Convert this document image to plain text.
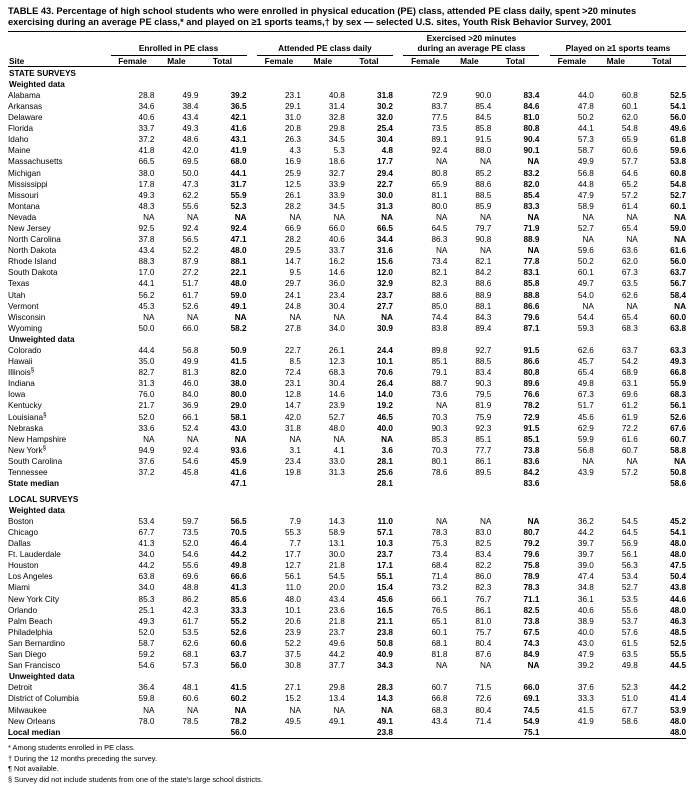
TABLE 43. Percentage of high school students who were enrolled in physical education (PE) class, attended PE class daily, spent >20 minutes
exercising during an average PE class,* and played on ≥1 sports teams,† by sex — selected U.S. sites, Youth Risk Behavior Survey, 2001

	Enrolled in PE class				Attended PE class daily				Exercised >20 minutes
during an average PE class				Played on ≥1 sports teams		

Site	Female	Male	Total		Female	Male	Total		Female	Male	Total		Female	Male	Total

STATE SURVEYS															
Weighted data															
Alabama	28.8	49.9	39.2		23.1	40.8	31.8		72.9	90.0	83.4		44.0	60.8	52.5
Arkansas	34.6	38.4	36.5		29.1	31.4	30.2		83.7	85.4	84.6		47.8	60.1	54.1
Delaware	40.6	43.4	42.1		31.0	32.8	32.0		77.5	84.5	81.0		50.2	62.0	56.0
Florida	33.7	49.3	41.6		20.8	29.8	25.4		73.5	85.8	80.8		44.1	54.8	49.6
Idaho	37.2	48.6	43.1		26.3	34.5	30.4		89.1	91.5	90.4		57.3	65.9	61.8
Maine	41.8	42.0	41.9		4.3	5.3	4.8		92.4	88.0	90.1		58.7	60.6	59.6
Massachusetts	66.5	69.5	68.0		16.9	18.6	17.7		NA	NA	NA		49.9	57.7	53.8
Michigan	38.0	50.0	44.1		25.9	32.7	29.4		80.8	85.2	83.2		56.8	64.6	60.8
Mississippi	17.8	47.3	31.7		12.5	33.9	22.7		65.9	88.6	82.0		44.8	65.2	54.8
Missouri	49.3	62.2	55.9		26.1	33.9	30.0		81.1	88.5	85.4		47.9	57.2	52.7
Montana	48.3	55.6	52.3		28.2	34.5	31.3		80.0	85.9	83.3		58.9	61.4	60.1
Nevada	NA	NA	NA		NA	NA	NA		NA	NA	NA		NA	NA	NA
New Jersey	92.5	92.4	92.4		66.9	66.0	66.5		64.5	79.7	71.9		52.7	65.4	59.0
North Carolina	37.8	56.5	47.1		28.2	40.6	34.4		86.3	90.8	88.9		NA	NA	NA
North Dakota	43.4	52.2	48.0		29.5	33.7	31.6		NA	NA	NA		59.6	63.6	61.6
Rhode Island	88.3	87.9	88.1		14.7	16.2	15.6		73.4	82.1	77.8		50.2	62.0	56.0
South Dakota	17.0	27.2	22.1		9.5	14.6	12.0		82.1	84.2	83.1		60.1	67.3	63.7
Texas	44.1	51.7	48.0		29.7	36.0	32.9		82.3	88.6	85.8		49.7	63.5	56.7
Utah	56.2	61.7	59.0		24.1	23.4	23.7		88.6	88.9	88.8		54.0	62.6	58.4
Vermont	45.3	52.6	49.1		24.8	30.4	27.7		85.0	88.1	86.6		NA	NA	NA
Wisconsin	NA	NA	NA		NA	NA	NA		74.4	84.3	79.6		54.4	65.4	60.0
Wyoming	50.0	66.0	58.2		27.8	34.0	30.9		83.8	89.4	87.1		59.3	68.3	63.8
Unweighted data															
Colorado	44.4	56.8	50.9		22.7	26.1	24.4		89.8	92.7	91.5		62.6	63.7	63.3
Hawaii	35.0	49.9	41.5		8.5	12.3	10.1		85.1	88.5	86.6		45.7	54.2	49.3
Illinois§	82.7	81.3	82.0		72.4	68.3	70.6		79.1	83.4	80.8		65.4	68.9	66.8
Indiana	31.3	46.0	38.0		23.1	30.4	26.4		88.7	90.3	89.6		49.8	63.1	55.9
Iowa	76.0	84.0	80.0		12.8	14.6	14.0		73.6	79.5	76.6		67.3	69.6	68.3
Kentucky	21.7	36.9	29.0		14.7	23.9	19.2		NA	81.9	78.2		51.7	61.2	56.1
Louisiana§	52.0	66.1	58.1		42.0	52.7	46.5		70.3	75.9	72.9		45.6	61.9	52.6
Nebraska	33.6	52.4	43.0		31.8	48.0	40.0		90.3	92.3	91.5		62.9	72.2	67.6
New Hampshire	NA	NA	NA		NA	NA	NA		85.3	85.1	85.1		59.9	61.6	60.7
New York§	94.9	92.4	93.6		3.1	4.1	3.6		70.3	77.7	73.8		56.8	60.7	58.8
South Carolina	37.6	54.6	45.9		23.4	33.0	28.1		80.1	86.1	83.6		NA	NA	NA
Tennessee	37.2	45.8	41.6		19.8	31.3	25.6		78.6	89.5	84.2		43.9	57.2	50.8
State median			47.1				28.1				83.6				58.6

LOCAL SURVEYS															
Weighted data															
Boston	53.4	59.7	56.5		7.9	14.3	11.0		NA	NA	NA		36.2	54.5	45.2
Chicago	67.7	73.5	70.5		55.3	58.9	57.1		78.3	83.0	80.7		44.2	64.5	54.1
Dallas	41.3	52.0	46.4		7.7	13.1	10.3		75.3	82.5	79.2		39.7	56.9	48.0
Ft. Lauderdale	34.0	54.6	44.2		17.7	30.0	23.7		73.4	83.4	79.6		39.7	56.1	48.0
Houston	44.2	55.6	49.8		12.7	21.8	17.1		68.4	82.2	75.8		39.0	56.3	47.5
Los Angeles	63.8	69.6	66.6		56.1	54.5	55.1		71.4	86.0	78.9		47.4	53.4	50.4
Miami	34.0	48.8	41.3		11.0	20.0	15.4		73.2	82.3	78.3		34.8	52.7	43.8
New York City	85.3	86.2	85.6		48.0	43.4	45.6		66.1	76.7	71.1		36.1	53.5	44.6
Orlando	25.1	42.3	33.3		10.1	23.6	16.5		76.5	86.1	82.5		40.6	55.6	48.0
Palm Beach	49.3	61.7	55.2		20.6	21.8	21.1		65.1	81.0	73.8		38.9	53.7	46.3
Philadelphia	52.0	53.5	52.6		23.9	23.7	23.8		60.1	75.7	67.5		40.0	57.6	48.5
San Bernardino	58.7	62.6	60.6		52.2	49.6	50.8		68.1	80.4	74.3		43.0	61.5	52.5
San Diego	59.2	68.1	63.7		37.5	44.2	40.9		81.8	87.6	84.9		47.9	63.5	55.5
San Francisco	54.6	57.3	56.0		30.8	37.7	34.3		NA	NA	NA		39.2	49.8	44.5
Unweighted data															
Detroit	36.4	48.1	41.5		27.1	29.8	28.3		60.7	71.5	66.0		37.6	52.3	44.2
District of Columbia	59.8	60.6	60.2		15.2	13.4	14.3		66.8	72.6	69.1		33.3	51.0	41.4
Milwaukee	NA	NA	NA		NA	NA	NA		68.3	80.4	74.5		41.5	67.7	53.9
New Orleans	78.0	78.5	78.2		49.5	49.1	49.1		43.4	71.4	54.9		41.9	58.6	48.0
Local median			56.0				23.8				75.1				48.0

* Among students enrolled in PE class.
† During the 12 months preceding the survey.
¶ Not available.
§ Survey did not include students from one of the state's large school districts.
